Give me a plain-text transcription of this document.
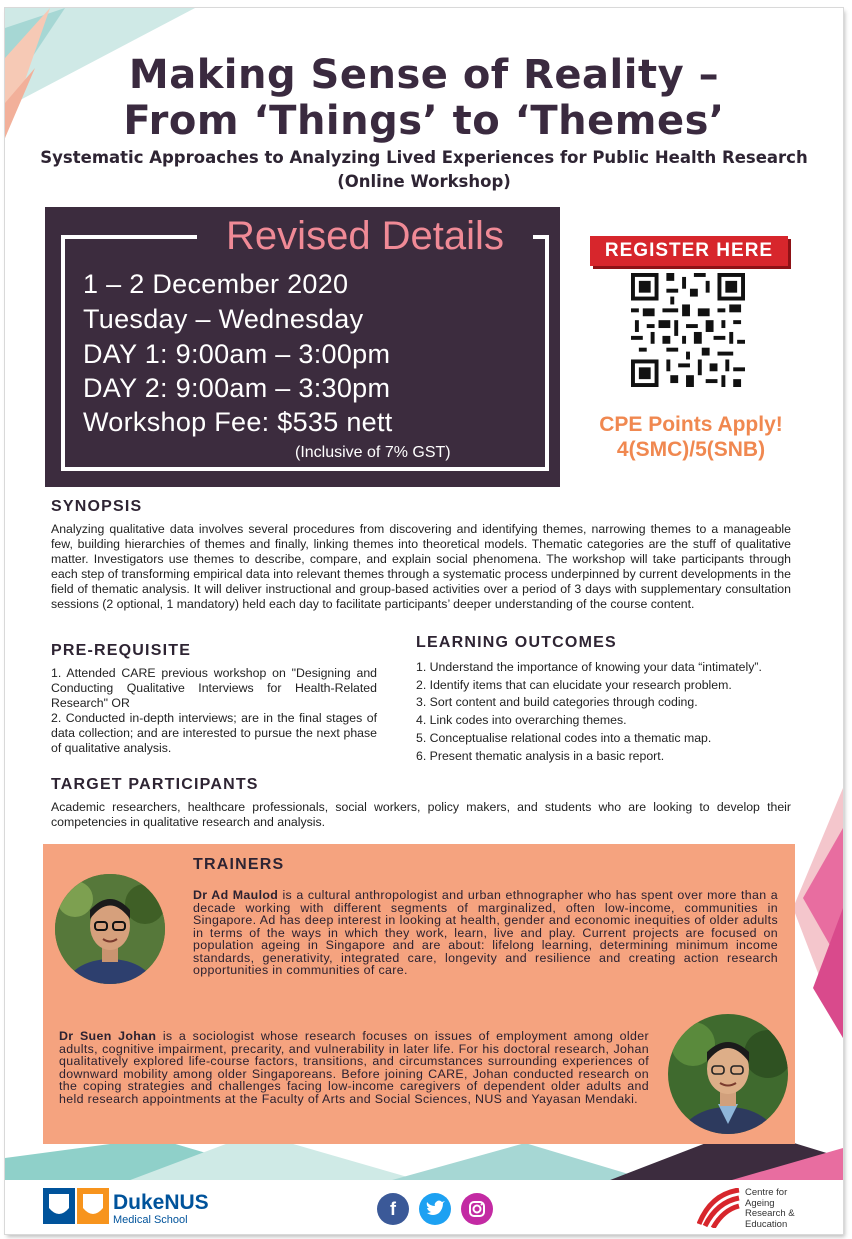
Making Sense of Reality –
From ‘Things’ to ‘Themes’
Systematic Approaches to Analyzing Lived Experiences for Public Health Research
(Online Workshop)
Revised Details
1 – 2 December 2020
Tuesday – Wednesday
DAY 1: 9:00am – 3:00pm
DAY 2: 9:00am – 3:30pm
Workshop Fee: $535 nett
(Inclusive of 7% GST)
REGISTER HERE
CPE Points Apply!
4(SMC)/5(SNB)
SYNOPSIS
Analyzing qualitative data involves several procedures from discovering and identifying themes, narrowing themes to a manageable few, building hierarchies of themes and finally, linking themes into theoretical models. Thematic categories are the stuff of qualitative matter. Investigators use themes to describe, compare, and explain social phenomena. The workshop will take participants through each step of transforming empirical data into relevant themes through a systematic process underpinned by current developments in the field of thematic analysis. It will deliver instructional and group-based activities over a period of 3 days with supplementary consultation sessions (2 optional, 1 mandatory) held each day to facilitate participants’ deeper understanding of the course content.
PRE-REQUISITE
1. Attended CARE previous workshop on "Designing and Conducting Qualitative Interviews for Health-Related Research" OR
2. Conducted in-depth interviews; are in the final stages of data collection; and are interested to pursue the next phase of qualitative analysis.
LEARNING OUTCOMES
1. Understand the importance of knowing your data “intimately”.
2. Identify items that can elucidate your research problem.
3. Sort content and build categories through coding.
4. Link codes into overarching themes.
5. Conceptualise relational codes into a thematic map.
6. Present thematic analysis in a basic report.
TARGET PARTICIPANTS
Academic researchers, healthcare professionals, social workers, policy makers, and students who are looking to develop their competencies in qualitative research and analysis.
TRAINERS
Dr Ad Maulod is a cultural anthropologist and urban ethnographer who has spent over more than a decade working with different segments of marginalized, often low-income, communities in Singapore. Ad has deep interest in looking at health, gender and economic inequities of older adults in terms of the ways in which they work, learn, live and play. Current projects are focused on population ageing in Singapore and are about: lifelong learning, determining minimum income standards, generativity, integrated care, longevity and resilience and creating action research opportunities in communities of care.
Dr Suen Johan is a sociologist whose research focuses on issues of employment among older adults, cognitive impairment, precarity, and vulnerability in later life. For his doctoral research, Johan qualitatively explored life-course factors, transitions, and circumstances surrounding experiences of downward mobility among older Singaporeans. Before joining CARE, Johan conducted research on the coping strategies and challenges facing low-income caregivers of dependent older adults and held research appointments at the Faculty of Arts and Social Sciences, NUS and Yayasan Mendaki.
DukeNUS
Medical School
f
Centre for
Ageing
Research &
Education
